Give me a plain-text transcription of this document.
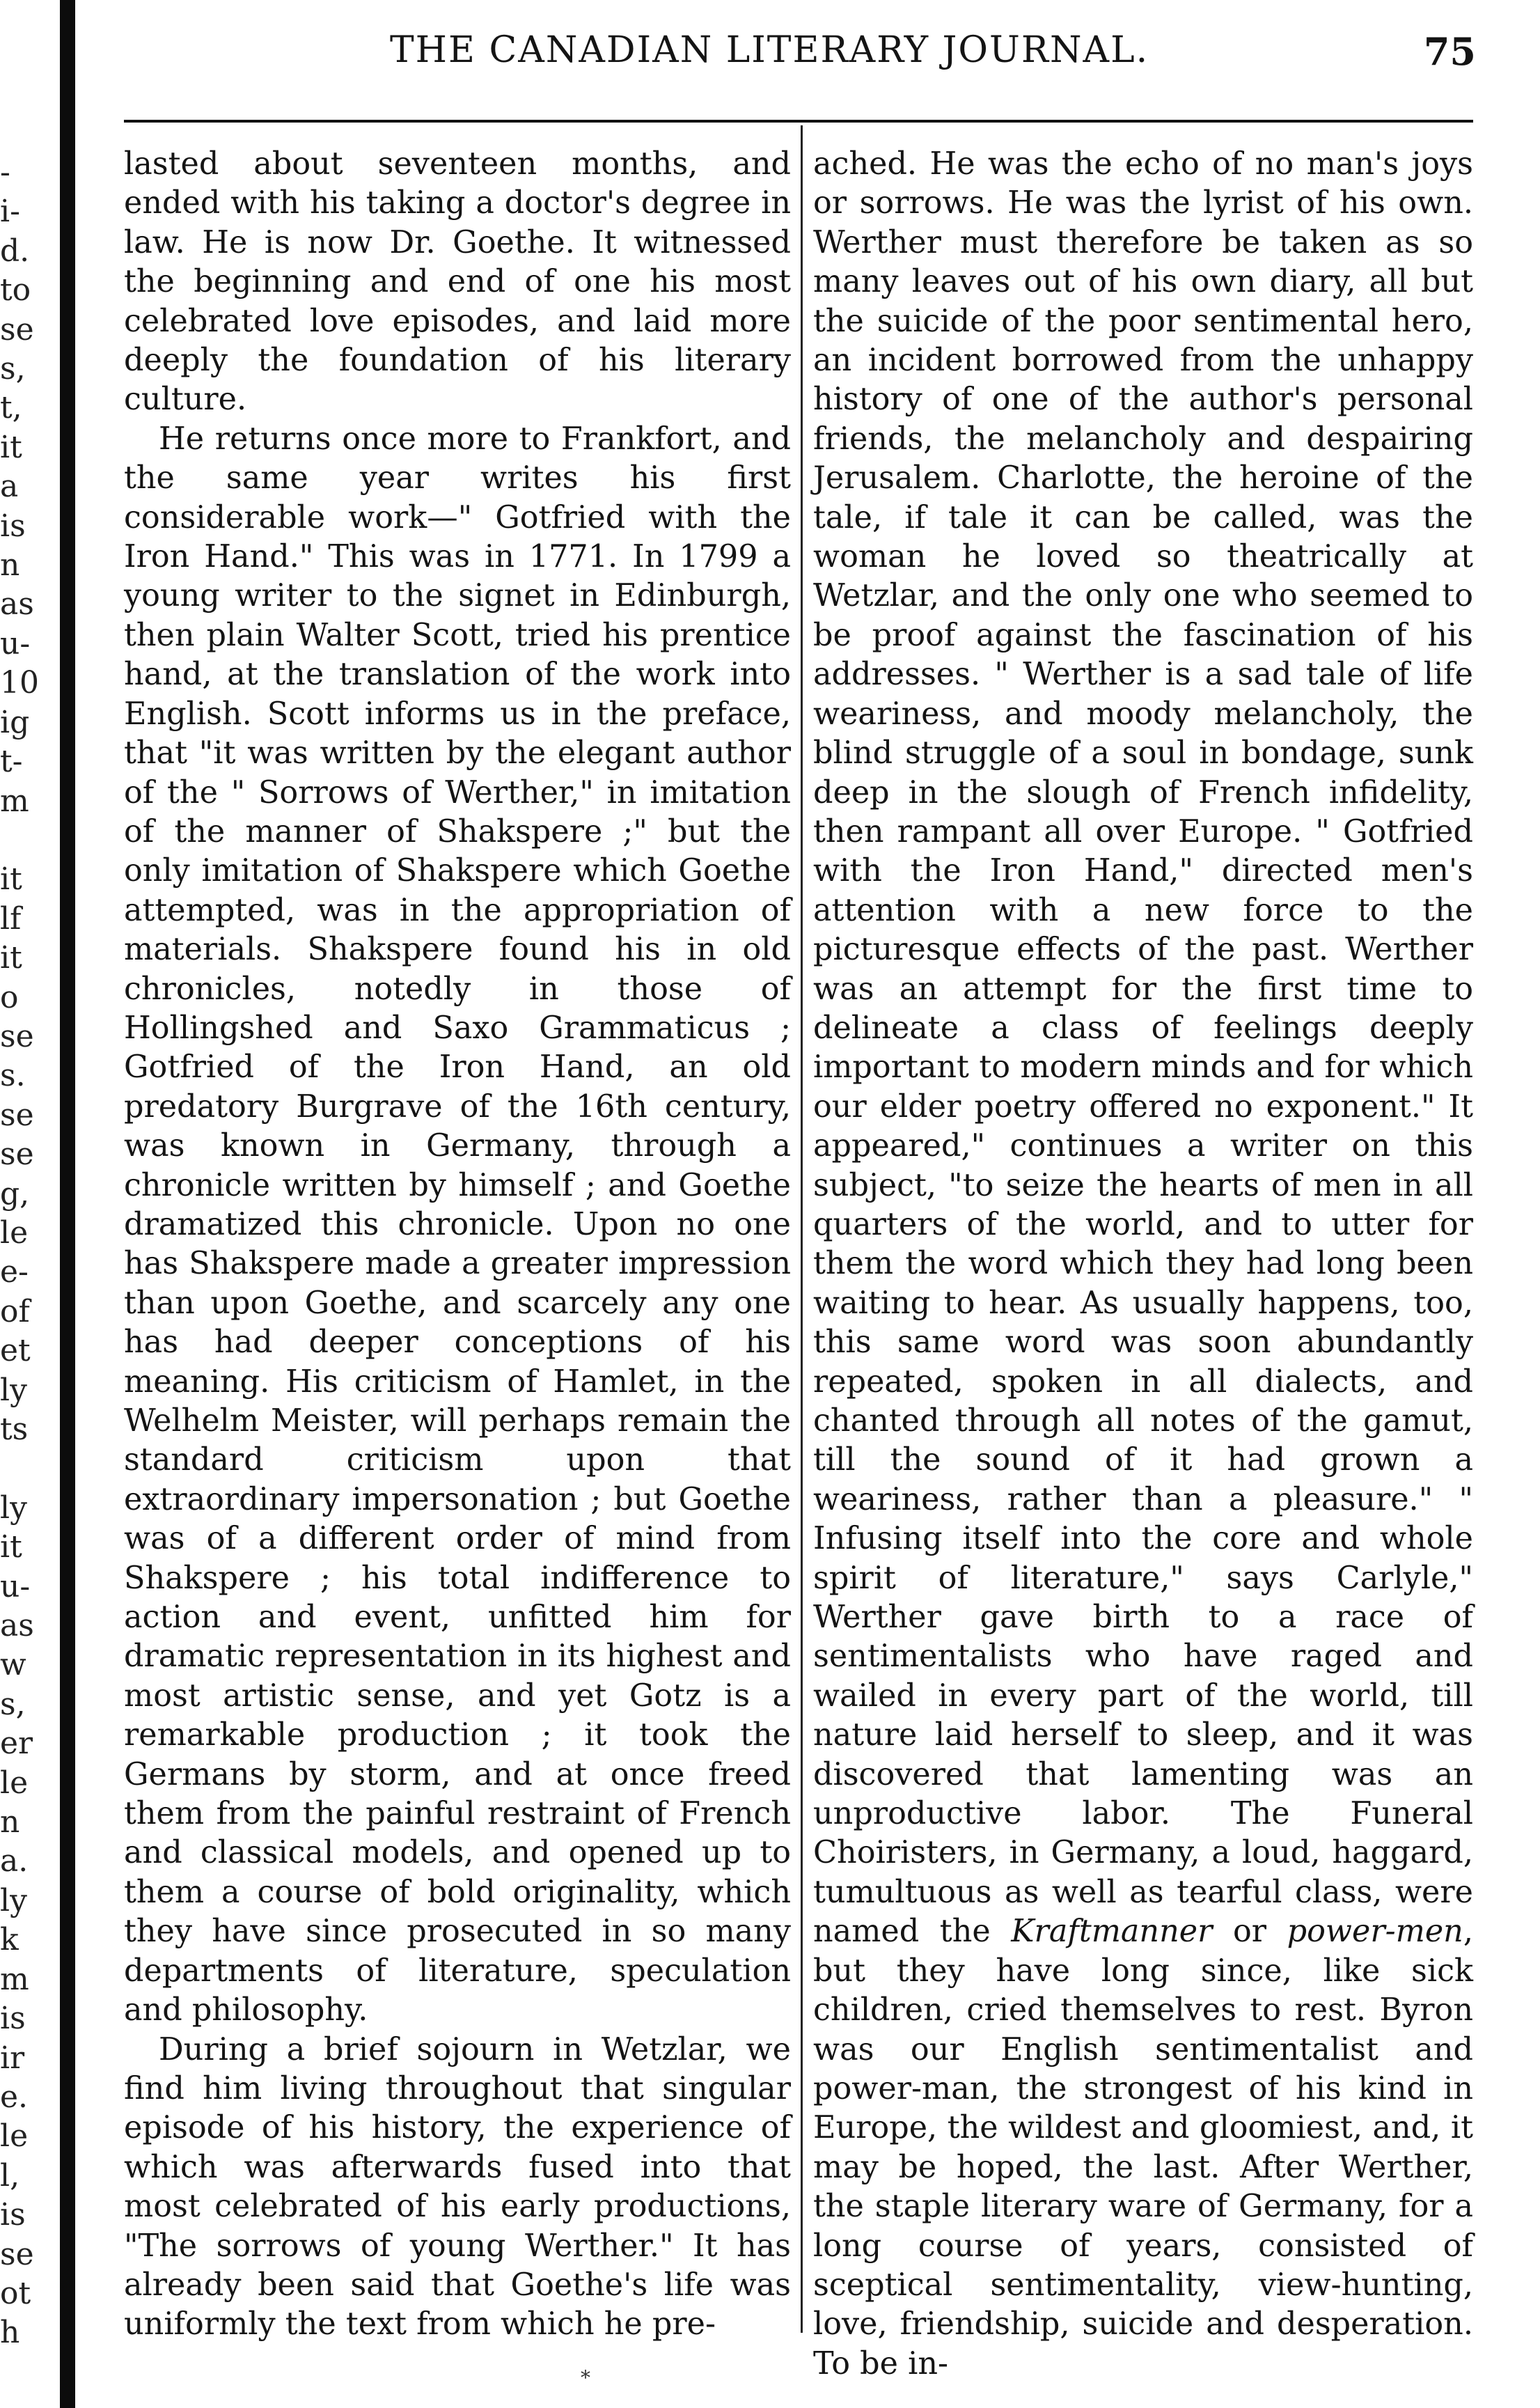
-
i-
d.
to
se
s,
t,
it
a
is
n
as
u-
10
ig
t-
m

it
lf
it
o
se
s.
se
se
g,
le
e-
of
et
ly
ts

ly
it
u-
as
w
s,
er
le
n
a.
ly
k
m
is
ir
e.
le
l,
is
se
ot
h
THE CANADIAN LITERARY JOURNAL.	75

lasted about seventeen months, and ended with his taking a doctor's degree in law. He is now Dr. Goethe. It witnessed the beginning and end of one his most celebrated love episodes, and laid more deeply the foundation of his literary culture.

He returns once more to Frankfort, and the same year writes his first considerable work—" Gotfried with the Iron Hand." This was in 1771. In 1799 a young writer to the signet in Edinburgh, then plain Walter Scott, tried his prentice hand, at the translation of the work into English. Scott informs us in the preface, that "it was written by the elegant author of the " Sorrows of Werther," in imitation of the manner of Shakspere ;" but the only imitation of Shakspere which Goethe attempted, was in the appropriation of materials. Shakspere found his in old chronicles, notedly in those of Hollingshed and Saxo Grammaticus ; Gotfried of the Iron Hand, an old predatory Burgrave of the 16th century, was known in Germany, through a chronicle written by himself ; and Goethe dramatized this chronicle. Upon no one has Shakspere made a greater impression than upon Goethe, and scarcely any one has had deeper conceptions of his meaning. His criticism of Hamlet, in the Welhelm Meister, will perhaps remain the standard criticism upon that extraordinary impersonation ; but Goethe was of a different order of mind from Shakspere ; his total indifference to action and event, unfitted him for dramatic representation in its highest and most artistic sense, and yet Gotz is a remarkable production ; it took the Germans by storm, and at once freed them from the painful restraint of French and classical models, and opened up to them a course of bold originality, which they have since prosecuted in so many departments of literature, speculation and philosophy.

During a brief sojourn in Wetzlar, we find him living throughout that singular episode of his history, the experience of which was afterwards fused into that most celebrated of his early productions, "The sorrows of young Werther." It has already been said that Goethe's life was uniformly the text from which he pre-

ached. He was the echo of no man's joys or sorrows. He was the lyrist of his own. Werther must therefore be taken as so many leaves out of his own diary, all but the suicide of the poor sentimental hero, an incident borrowed from the unhappy history of one of the author's personal friends, the melancholy and despairing Jerusalem. Charlotte, the heroine of the tale, if tale it can be called, was the woman he loved so theatrically at Wetzlar, and the only one who seemed to be proof against the fascination of his addresses. " Werther is a sad tale of life weariness, and moody melancholy, the blind struggle of a soul in bondage, sunk deep in the slough of French infidelity, then rampant all over Europe. " Gotfried with the Iron Hand," directed men's attention with a new force to the picturesque effects of the past. Werther was an attempt for the first time to delineate a class of feelings deeply important to modern minds and for which our elder poetry offered no exponent." It appeared," continues a writer on this subject, "to seize the hearts of men in all quarters of the world, and to utter for them the word which they had long been waiting to hear. As usually happens, too, this same word was soon abundantly repeated, spoken in all dialects, and chanted through all notes of the gamut, till the sound of it had grown a weariness, rather than a pleasure." " Infusing itself into the core and whole spirit of literature," says Carlyle," Werther gave birth to a race of sentimentalists who have raged and wailed in every part of the world, till nature laid herself to sleep, and it was discovered that lamenting was an unproductive labor. The Funeral Choiristers, in Germany, a loud, haggard, tumultuous as well as tearful class, were named the Kraftmanner or power-men, but they have long since, like sick children, cried themselves to rest. Byron was our English sentimentalist and power-man, the strongest of his kind in Europe, the wildest and gloomiest, and, it may be hoped, the last. After Werther, the staple literary ware of Germany, for a long course of years, consisted of sceptical sentimentality, view-hunting, love, friendship, suicide and desperation. To be in-

*
